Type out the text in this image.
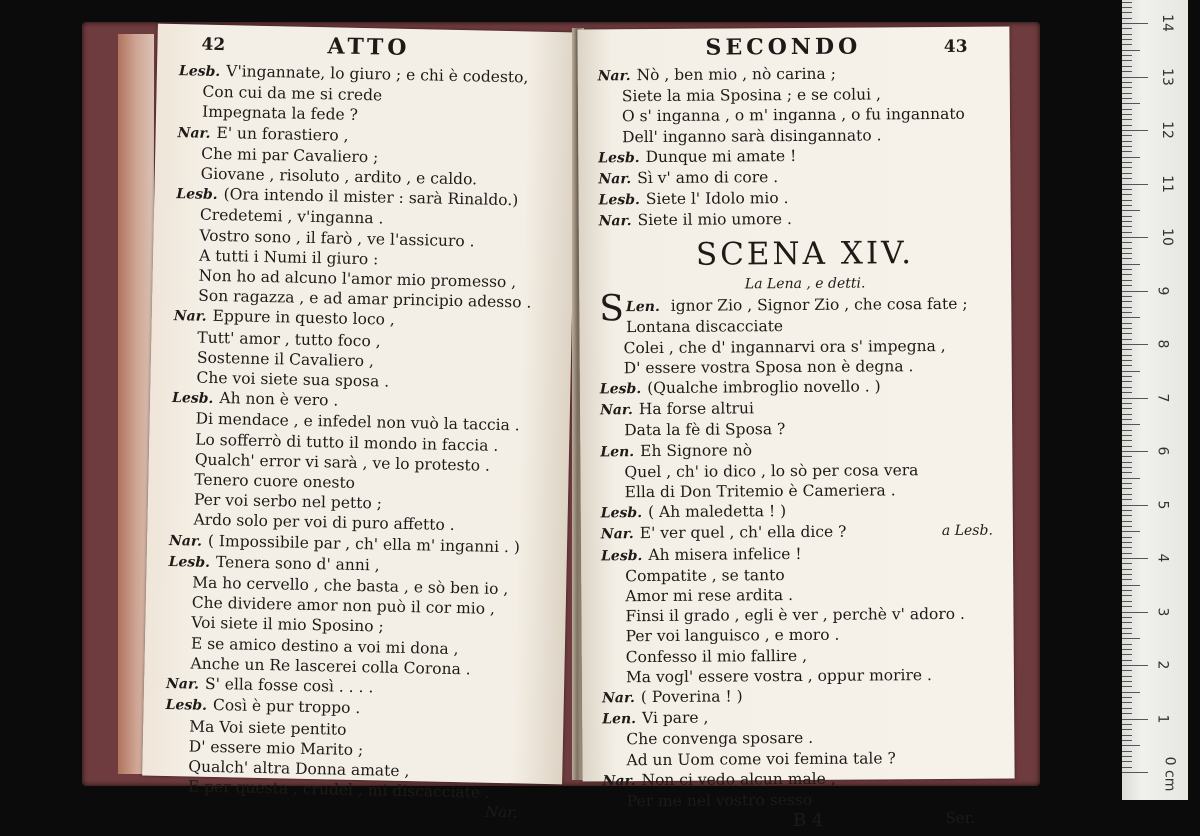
42	ATTO
Lesb. V'ingannate, lo giuro ; e chi è codesto,
Con cui da me si crede
Impegnata la fede ?
Nar. E' un forastiero ,
Che mi par Cavaliero ;
Giovane , risoluto , ardito , e caldo.
Lesb. (Ora intendo il mister : sarà Rinaldo.)
Credetemi , v'inganna .
Vostro sono , il farò , ve l'assicuro .
A tutti i Numi il giuro :
Non ho ad alcuno l'amor mio promesso ,
Son ragazza , e ad amar principio adesso .
Nar. Eppure in questo loco ,
Tutt' amor , tutto foco ,
Sostenne il Cavaliero ,
Che voi siete sua sposa .
Lesb. Ah non è vero .
Di mendace , e infedel non vuò la taccia .
Lo sofferrò di tutto il mondo in faccia .
Qualch' error vi sarà , ve lo protesto .
Tenero cuore onesto
Per voi serbo nel petto ;
Ardo solo per voi di puro affetto .
Nar. ( Impossibile par , ch' ella m' inganni . )
Lesb. Tenera sono d' anni ,
Ma ho cervello , che basta , e sò ben io ,
Che dividere amor non può il cor mio ,
Voi siete il mio Sposino ;
E se amico destino a voi mi dona ,
Anche un Re lascerei colla Corona .
Nar. S' ella fosse così . . . .
Lesb. Così è pur troppo .
Ma Voi siete pentito
D' essere mio Marito ;
Qualch' altra Donna amate ,
E per questa , crudel , mi discacciate .
Nar.
SECONDO	43
Nar. Nò , ben mio , nò carina ;
Siete la mia Sposina ; e se colui ,
O s' inganna , o m' inganna , o fu ingannato
Dell' inganno sarà disingannato .
Lesb. Dunque mi amate !
Nar. Sì v' amo di core .
Lesb. Siete l' Idolo mio .
Nar. Siete il mio umore .
SCENA XIV.
La Lena , e detti.
Len.
S	ignor Zio , Signor Zio , che cosa fate ;
Lontana discacciate
Colei , che d' ingannarvi ora s' impegna ,
D' essere vostra Sposa non è degna .
Lesb. (Qualche imbroglio novello . )
Nar. Ha forse altrui
Data la fè di Sposa ?
Len. Eh Signore nò
Quel , ch' io dico , lo sò per cosa vera
Ella di Don Tritemio è Cameriera .
Lesb. ( Ah maledetta ! )
Nar. E' ver quel , ch' ella dice ?	a Lesb.
Lesb. Ah misera infelice !
Compatite , se tanto
Amor mi rese ardita .
Finsi il grado , egli è ver , perchè v' adoro .
Per voi languisco , e moro .
Confesso il mio fallire ,
Ma vogl' essere vostra , oppur morire .
Nar. ( Poverina ! )
Len. Vi pare ,
Che convenga sposare .
Ad un Uom come voi femina tale ?
Nar. Non ci vedo alcun male ,
Per me nel vostro sesso
B 4	Ser.
0 cm
1
2
3
4
5
6
7
8
9
10
11
12
13
14
